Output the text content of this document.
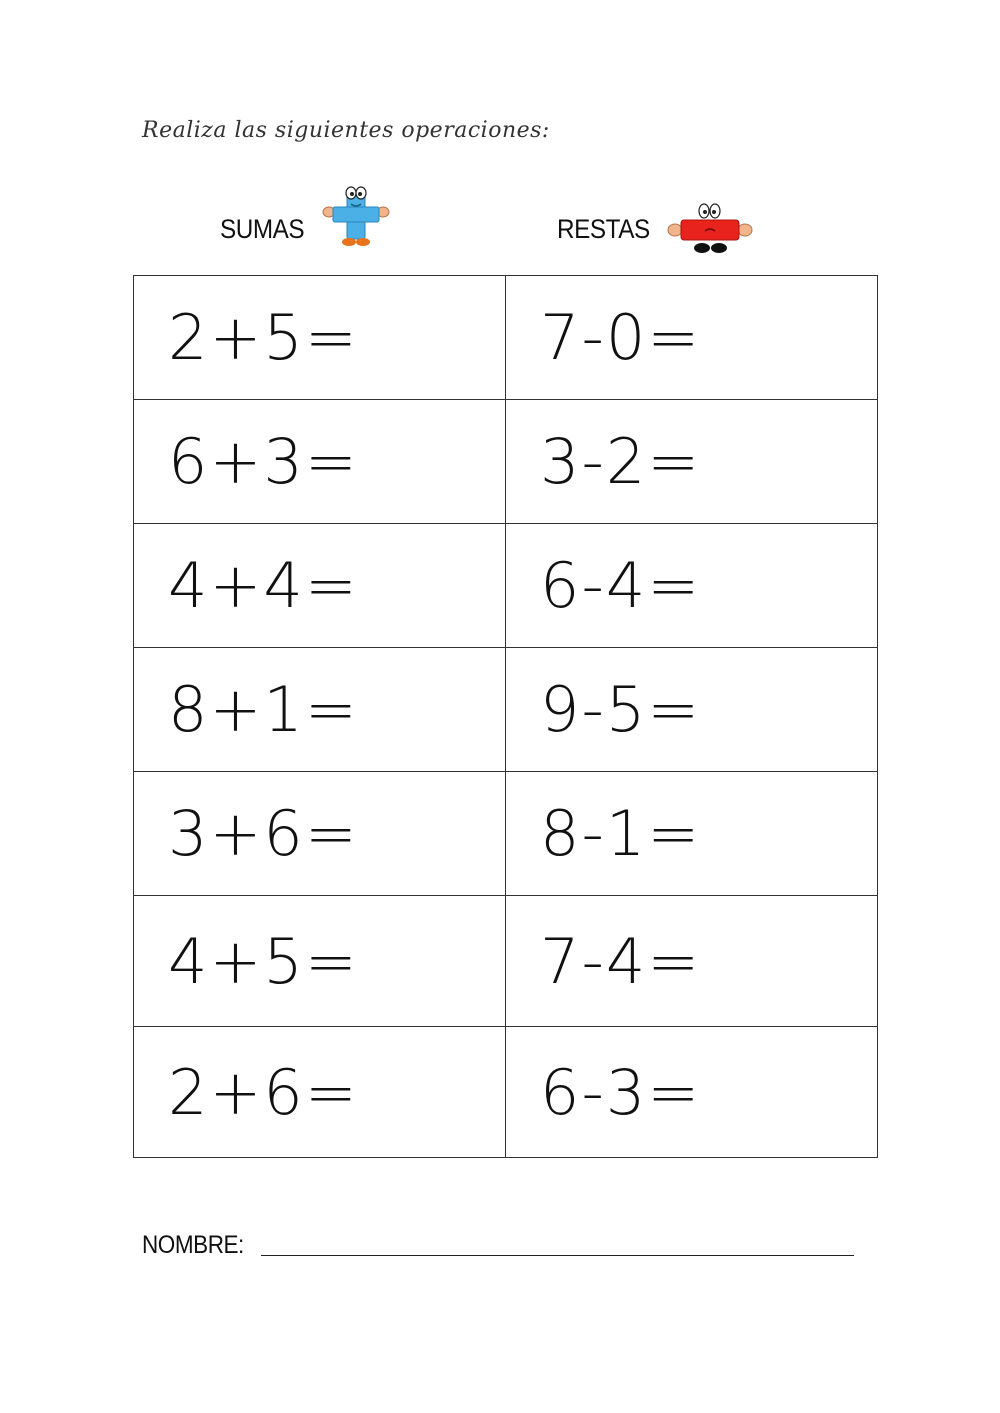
Realiza las siguientes operaciones:
SUMAS	RESTAS
2+5=	7-0=
6+3=	3-2=
4+4=	6-4=
8+1=	9-5=
3+6=	8-1=
4+5=	7-4=
2+6=	6-3=
NOMBRE:
